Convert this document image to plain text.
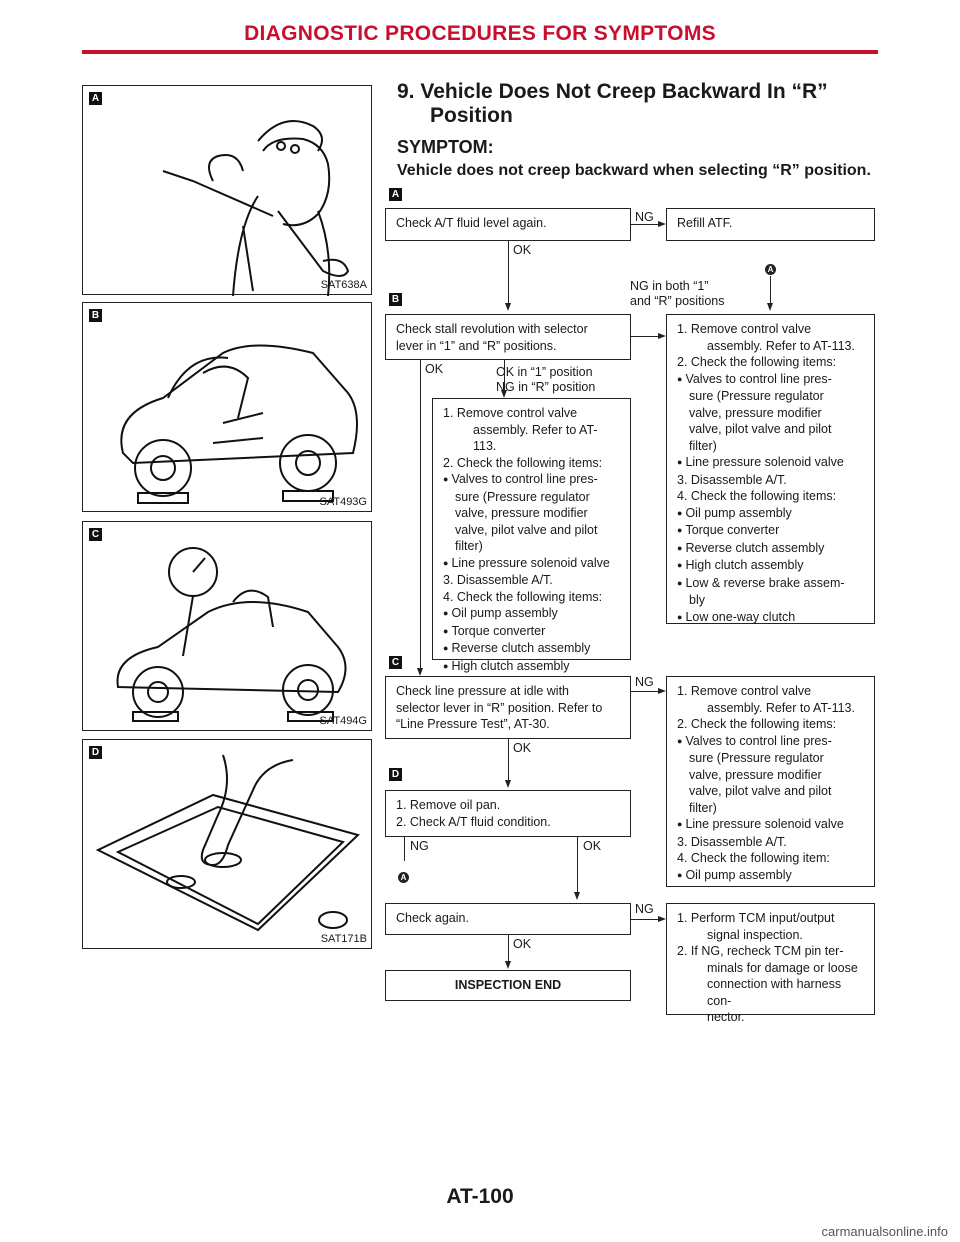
DIAGNOSTIC PROCEDURES FOR SYMPTOMS
A
SAT638A
B
SAT493G
C
SAT494G
D
SAT171B
9. Vehicle Does Not Creep Backward In “R”
Position
SYMPTOM:
Vehicle does not creep backward when selecting “R” position.
A
B
C
D
Check A/T fluid level again.	Refill ATF.
NG
OK
NG in both “1”
and “R” positions
A
Check stall revolution with selector
lever in “1” and “R” positions.
1. Remove control valve
assembly. Refer to AT-113.
2. Check the following items:
● Valves to control line pres-
sure (Pressure regulator
valve, pressure modifier
valve, pilot valve and pilot
filter)
● Line pressure solenoid valve
3. Disassemble A/T.
4. Check the following items:
● Oil pump assembly
● Torque converter
● Reverse clutch assembly
● High clutch assembly
● Low & reverse brake assem-
bly
● Low one-way clutch
OK	OK in “1” position
NG in “R” position
1. Remove control valve
assembly. Refer to AT-113.
2. Check the following items:
● Valves to control line pres-
sure (Pressure regulator
valve, pressure modifier
valve, pilot valve and pilot
filter)
● Line pressure solenoid valve
3. Disassemble A/T.
4. Check the following items:
● Oil pump assembly
● Torque converter
● Reverse clutch assembly
● High clutch assembly
Check line pressure at idle with
selector lever in “R” position. Refer to
“Line Pressure Test”, AT-30.
NG
1. Remove control valve
assembly. Refer to AT-113.
2. Check the following items:
● Valves to control line pres-
sure (Pressure regulator
valve, pressure modifier
valve, pilot valve and pilot
filter)
● Line pressure solenoid valve
3. Disassemble A/T.
4. Check the following item:
● Oil pump assembly
OK
1. Remove oil pan.
2. Check A/T fluid condition.
NG
A
OK
Check again.
NG
1. Perform TCM input/output
signal inspection.
2. If NG, recheck TCM pin ter-
minals for damage or loose
connection with harness con-
nector.
OK
INSPECTION END
AT-100
carmanualsonline.info
